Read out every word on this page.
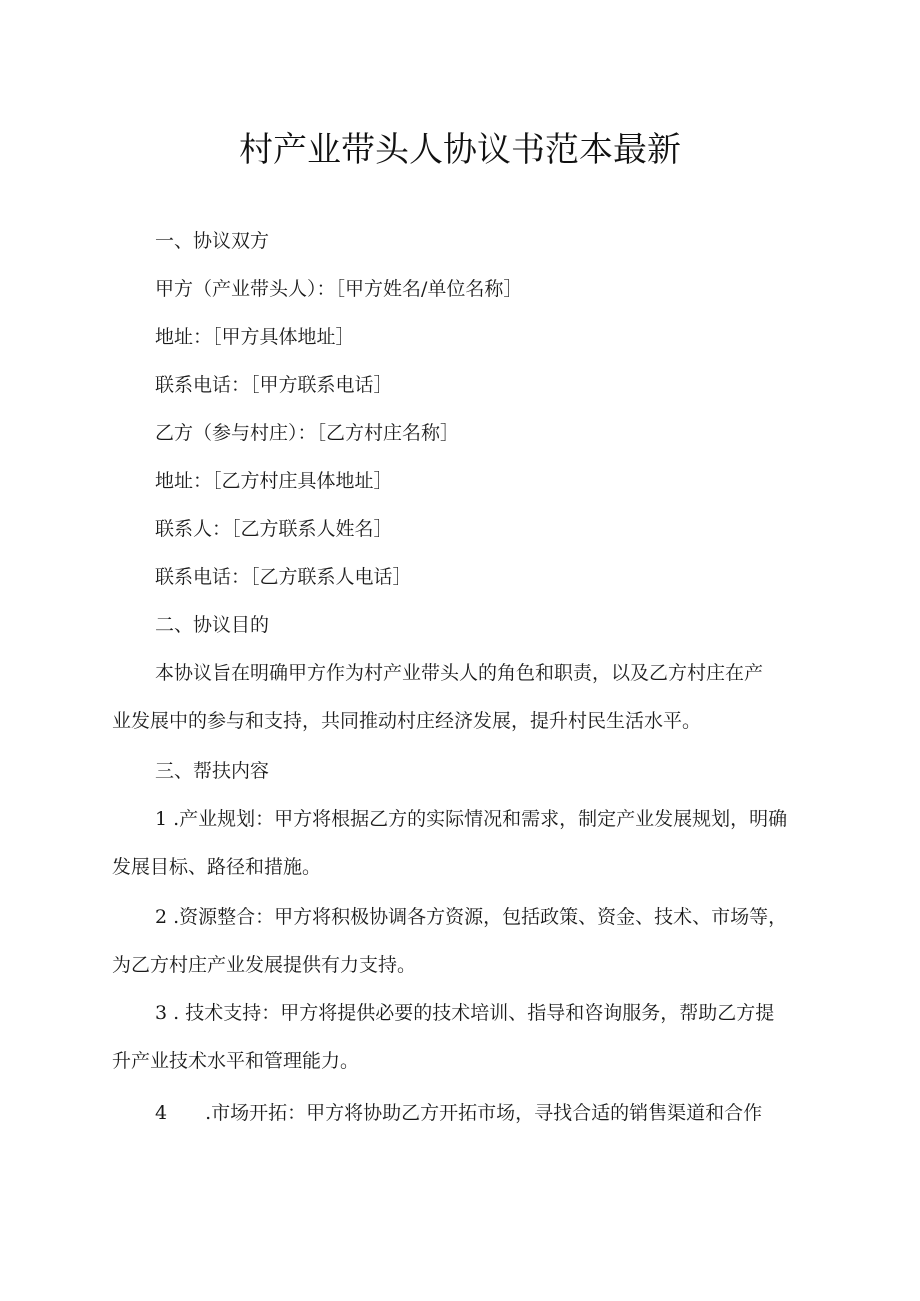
村产业带头人协议书范本最新
一、协议双方
甲方（产业带头人）：［甲方姓名/单位名称］
地址：［甲方具体地址］
联系电话：［甲方联系电话］
乙方（参与村庄）：［乙方村庄名称］
地址：［乙方村庄具体地址］
联系人：［乙方联系人姓名］
联系电话：［乙方联系人电话］
二、协议目的
本协议旨在明确甲方作为村产业带头人的角色和职责，以及乙方村庄在产
业发展中的参与和支持，共同推动村庄经济发展，提升村民生活水平。
三、帮扶内容
1 .产业规划：甲方将根据乙方的实际情况和需求，制定产业发展规划，明确
发展目标、路径和措施。
2 .资源整合：甲方将积极协调各方资源，包括政策、资金、技术、市场等，
为乙方村庄产业发展提供有力支持。
3 . 技术支持：甲方将提供必要的技术培训、指导和咨询服务，帮助乙方提
升产业技术水平和管理能力。
4 .市场开拓：甲方将协助乙方开拓市场，寻找合适的销售渠道和合作
